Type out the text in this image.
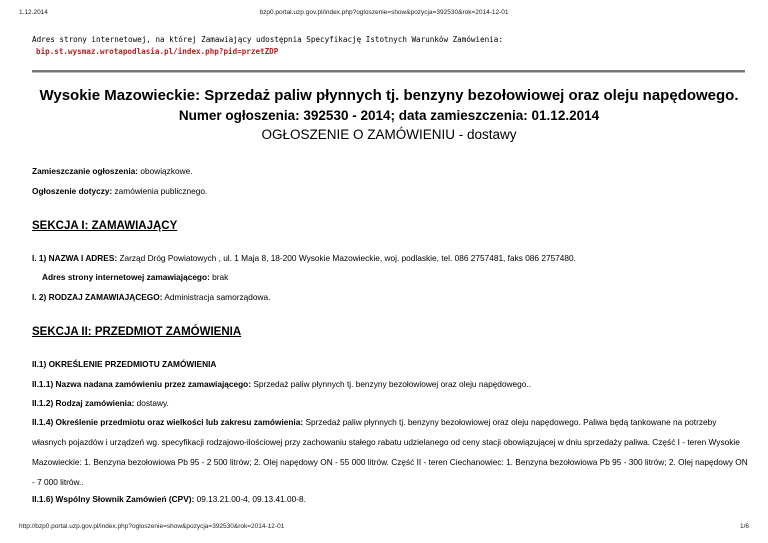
1.12.2014	bzp0.portal.uzp.gov.pl/index.php?ogloszenie=show&pozycja=392530&rok=2014-12-01
Adres strony internetowej, na której Zamawiający udostępnia Specyfikację Istotnych Warunków Zamówienia:
bip.st.wysmaz.wrotapodlasia.pl/index.php?pid=przetZDP
Wysokie Mazowieckie: Sprzedaż paliw płynnych tj. benzyny bezołowiowej oraz oleju napędowego.
Numer ogłoszenia: 392530 - 2014; data zamieszczenia: 01.12.2014
OGŁOSZENIE O ZAMÓWIENIU - dostawy
Zamieszczanie ogłoszenia: obowiązkowe.
Ogłoszenie dotyczy: zamówienia publicznego.
SEKCJA I: ZAMAWIAJĄCY
I. 1) NAZWA I ADRES: Zarząd Dróg Powiatowych , ul. 1 Maja 8, 18-200 Wysokie Mazowieckie, woj. podlaskie, tel. 086 2757481, faks 086 2757480.
Adres strony internetowej zamawiającego: brak
I. 2) RODZAJ ZAMAWIAJĄCEGO: Administracja samorządowa.
SEKCJA II: PRZEDMIOT ZAMÓWIENIA
II.1) OKREŚLENIE PRZEDMIOTU ZAMÓWIENIA
II.1.1) Nazwa nadana zamówieniu przez zamawiającego: Sprzedaż paliw płynnych tj. benzyny bezołowiowej oraz oleju napędowego..
II.1.2) Rodzaj zamówienia: dostawy.
II.1.4) Określenie przedmiotu oraz wielkości lub zakresu zamówienia: Sprzedaż paliw płynnych tj. benzyny bezołowiowej oraz oleju napędowego. Paliwa będą tankowane na potrzeby własnych pojazdów i urządzeń wg. specyfikacji rodzajowo-ilościowej przy zachowaniu stałego rabatu udzielanego od ceny stacji obowiązującej w dniu sprzedaży paliwa. Część I - teren Wysokie Mazowieckie: 1. Benzyna bezołowiowa Pb 95 - 2 500 litrów; 2. Olej napędowy ON - 55 000 litrów. Część II - teren Ciechanowiec: 1. Benzyna bezołowiowa Pb 95 - 300 litrów; 2. Olej napędowy ON - 7 000 litrów..
II.1.6) Wspólny Słownik Zamówień (CPV): 09.13.21.00-4, 09.13.41.00-8.
http://bzp0.portal.uzp.gov.pl/index.php?ogloszenie=show&pozycja=392530&rok=2014-12-01	1/6
